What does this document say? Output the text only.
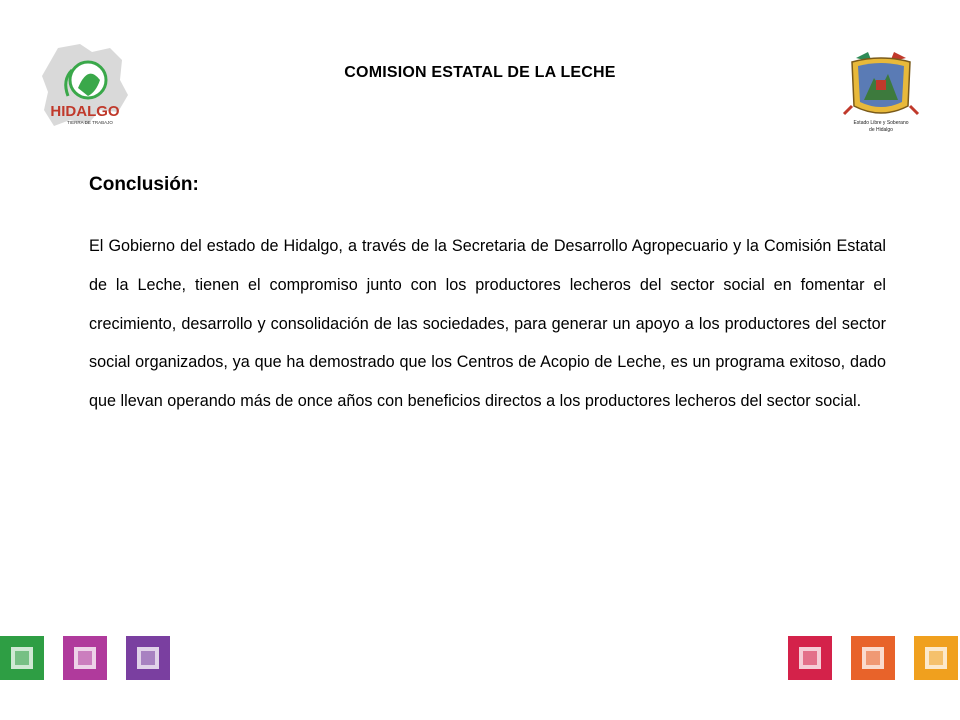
HIDALGO
TIERRA DE TRABAJO
COMISION ESTATAL DE LA LECHE
Estado Libre y Soberano
de Hidalgo
Conclusión:
El Gobierno del estado de Hidalgo, a través de la Secretaria de Desarrollo Agropecuario y la Comisión Estatal de la Leche, tienen el compromiso junto con los productores lecheros del sector social en fomentar el crecimiento, desarrollo y consolidación de las sociedades, para generar un apoyo a los productores del sector social organizados, ya que ha demostrado que los Centros de Acopio de Leche, es un programa exitoso, dado que llevan operando más de once años con beneficios directos a los productores lecheros del sector social.
